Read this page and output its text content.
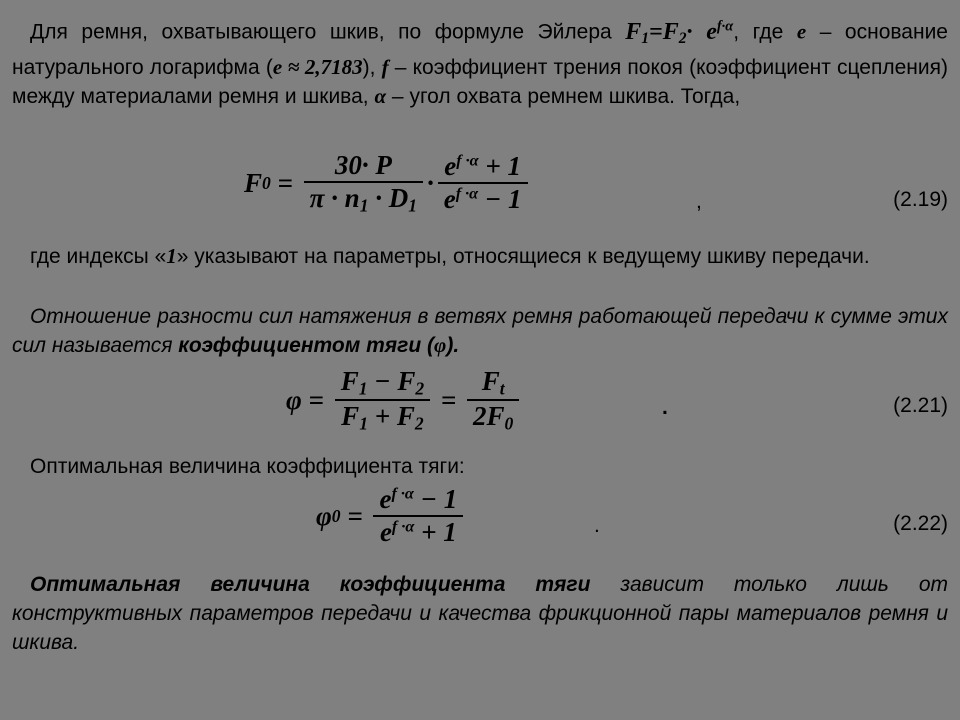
Для ремня, охватывающего шкив, по формуле Эйлера $F_1=F_2\cdot e^{f\cdot\alpha}$, где e – основание натурального логарифма (e ≈ 2,7183), f – коэффициент трения покоя (коэффициент сцепления) между материалами ремня и шкива, α – угол охвата ремнем шкива. Тогда,
F $0 = \frac{30\cdot P}{\pi \cdot n_1 \cdot D_1} \cdot \frac{e^{f \cdot\alpha} + 1}{e^{f \cdot\alpha} - 1}$	,	(2.19)
где индексы «1» указывают на параметры, относящиеся к ведущему шкиву передачи.
Отношение разности сил натяжения в ветвях ремня работающей передачи к сумме этих сил называется коэффициентом тяги (φ).
$\varphi = \frac{F_1 - F_2}{F_1 + F_2} = \frac{F_t}{2F_0}$	.	(2.21)
Оптимальная величина коэффициента тяги:
φ $0 = \frac{e^{f \cdot\alpha} - 1}{e^{f \cdot\alpha} + 1}$	.	(2.22)
Оптимальная величина коэффициента тяги зависит только лишь от конструктивных параметров передачи и качества фрикционной пары материалов ремня и шкива.
